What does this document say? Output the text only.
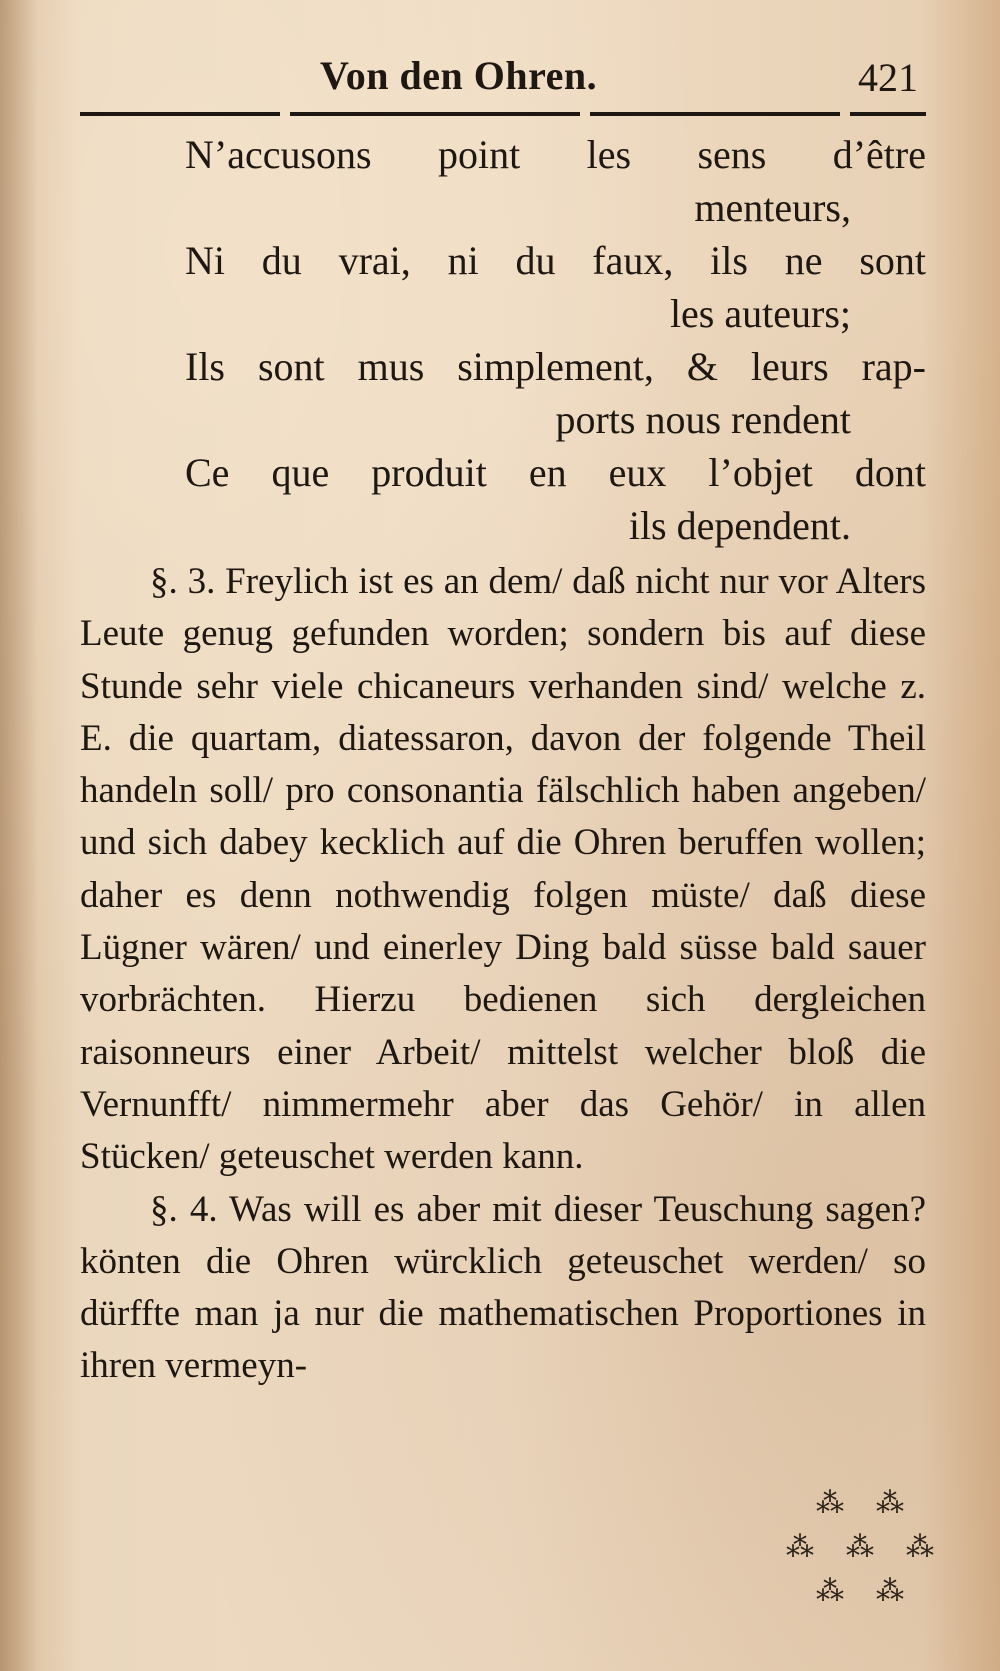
Von den Ohren.	421
N’accusons point les sens d’être
menteurs,
Ni du vrai, ni du faux, ils ne sont
les auteurs;
Ils sont mus simplement, & leurs rap-
ports nous rendent
Ce que produit en eux l’objet dont
ils dependent.

§. 3. Freylich ist es an dem/ daß nicht nur vor Alters Leute genug gefunden worden; sondern bis auf diese Stunde sehr viele chicaneurs verhanden sind/ welche z. E. die quartam, diatessaron, davon der folgende Theil handeln soll/ pro consonantia fälschlich haben angeben/ und sich dabey kecklich auf die Ohren beruffen wollen; daher es denn nothwendig folgen müste/ daß diese Lügner wären/ und einerley Ding bald süsse bald sauer vorbrächten. Hierzu bedienen sich dergleichen raisonneurs einer Arbeit/ mittelst welcher bloß die Vernunfft/ nimmermehr aber das Gehör/ in allen Stücken/ geteuschet werden kann.

§. 4. Was will es aber mit dieser Teuschung sagen? könten die Ohren würcklich geteuschet werden/ so dürffte man ja nur die mathematischen Proportiones in ihren vermeyn-

⁂ ⁂
⁂ ⁂ ⁂
⁂ ⁂
